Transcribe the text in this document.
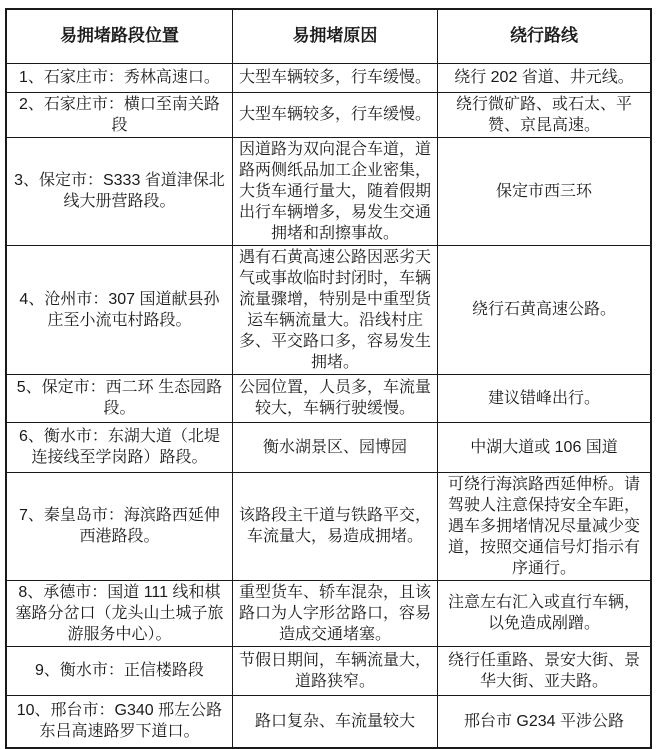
易拥堵路段位置	易拥堵原因	绕行路线
1、石家庄市：秀林高速口。	大型车辆较多，行车缓慢。	绕行 202 省道、井元线。
2、石家庄市：横口至南关路段	大型车辆较多，行车缓慢。	绕行微矿路、或石太、平赞、京昆高速。
3、保定市：S333 省道津保北线大册营路段。	因道路为双向混合车道，道路两侧纸品加工企业密集，大货车通行量大，随着假期出行车辆增多，易发生交通拥堵和刮擦事故。	保定市西三环
4、沧州市：307 国道献县孙庄至小流屯村路段。	遇有石黄高速公路因恶劣天气或事故临时封闭时，车辆流量骤增，特别是中重型货运车辆流量大。沿线村庄多、平交路口多，容易发生拥堵。	绕行石黄高速公路。
5、保定市：西二环 生态园路段。	公园位置，人员多，车流量较大，车辆行驶缓慢。	建议错峰出行。
6、衡水市：东湖大道（北堤连接线至学岗路）路段。	衡水湖景区、园博园	中湖大道或 106 国道
7、秦皇岛市：海滨路西延伸西港路段。	该路段主干道与铁路平交，车流量大，易造成拥堵。	可绕行海滨路西延伸桥。请驾驶人注意保持安全车距，遇车多拥堵情况尽量减少变道，按照交通信号灯指示有序通行。
8、承德市：国道 111 线和棋塞路分岔口（龙头山土城子旅游服务中心）。	重型货车、轿车混杂，且该路口为人字形岔路口，容易造成交通堵塞。	注意左右汇入或直行车辆，以免造成剐蹭。
9、衡水市：正信楼路段	节假日期间，车辆流量大，道路狭窄。	绕行任重路、景安大街、景华大街、亚夫路。
10、邢台市：G340 邢左公路东吕高速路罗下道口。	路口复杂、车流量较大	邢台市 G234 平涉公路
